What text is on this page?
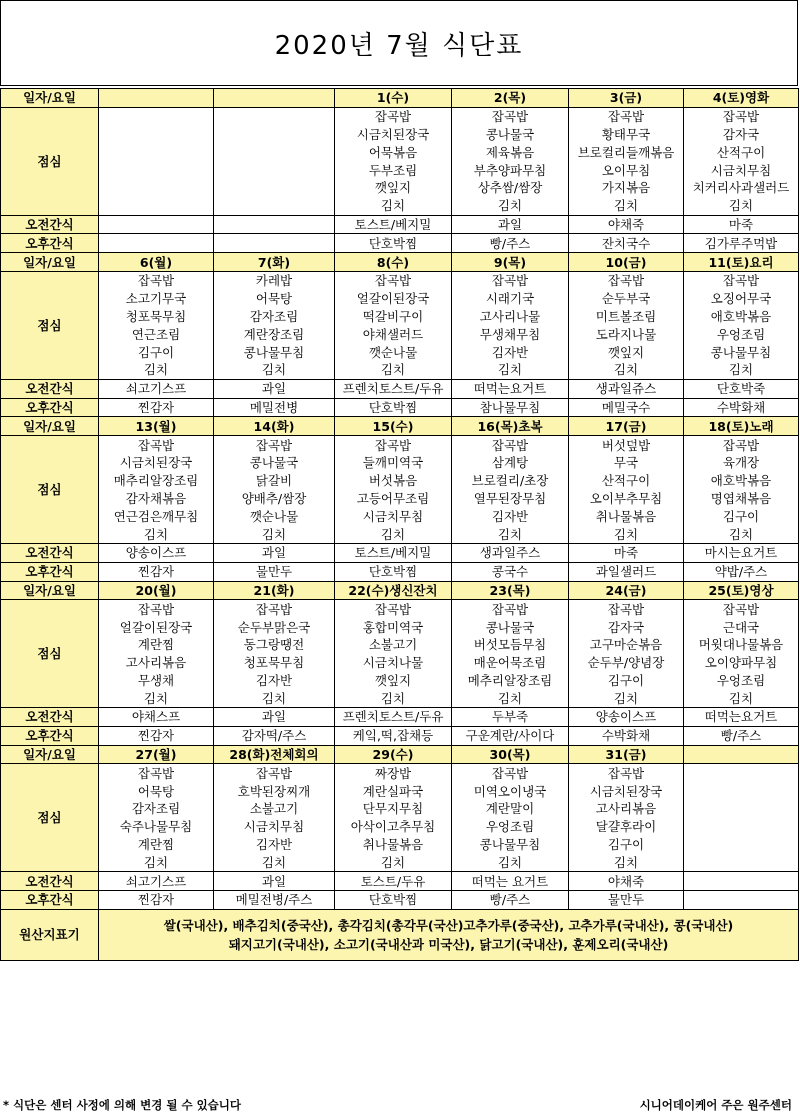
2020년 7월 식단표
일자/요일			1(수)	2(목)	3(금)	4(토)영화
점심			잡곡밥	잡곡밥	잡곡밥	잡곡밥
			시금치된장국	콩나물국	황태무국	감자국
			어묵볶음	제육볶음	브로컬리들깨볶음	산적구이
			두부조림	부추양파무침	오이무침	시금치무침
			깻잎지	상추쌈/쌈장	가지볶음	치커리사과샐러드
			김치	김치	김치	김치
오전간식			토스트/베지밀	과일	야채죽	마죽
오후간식			단호박찜	빵/주스	잔치국수	김가루주먹밥
일자/요일	6(월)	7(화)	8(수)	9(목)	10(금)	11(토)요리
점심	잡곡밥	카레밥	잡곡밥	잡곡밥	잡곡밥	잡곡밥
	소고기무국	어묵탕	얼갈이된장국	시래기국	순두부국	오징어무국
	청포묵무침	감자조림	떡갈비구이	고사리나물	미트볼조림	애호박볶음
	연근조림	계란장조림	야채샐러드	무생채무침	도라지나물	우엉조림
	김구이	콩나물무침	깻순나물	김자반	깻잎지	콩나물무침
	김치	김치	김치	김치	김치	김치
오전간식	쇠고기스프	과일	프렌치토스트/두유	떠먹는요거트	생과일쥬스	단호박죽
오후간식	찐감자	메밀전병	단호박찜	참나물무침	메밀국수	수박화채
일자/요일	13(월)	14(화)	15(수)	16(목)초복	17(금)	18(토)노래
점심	잡곡밥	잡곡밥	잡곡밥	잡곡밥	버섯덮밥	잡곡밥
	시금치된장국	콩나물국	들깨미역국	삼계탕	무국	육개장
	매추리알장조림	닭갈비	버섯볶음	브로컬리/초장	산적구이	애호박볶음
	감자채볶음	양배추/쌈장	고등어무조림	열무된장무침	오이부추무침	명엽채볶음
	연근검은깨무침	깻순나물	시금치무침	김자반	취나물볶음	김구이
	김치	김치	김치	김치	김치	김치
오전간식	양송이스프	과일	토스트/베지밀	생과일주스	마죽	마시는요거트
오후간식	찐감자	물만두	단호박찜	콩국수	과일샐러드	약밥/주스
일자/요일	20(월)	21(화)	22(수)생신잔치	23(목)	24(금)	25(토)영상
점심	잡곡밥	잡곡밥	잡곡밥	잡곡밥	잡곡밥	잡곡밥
	얼갈이된장국	순두부맑은국	홍합미역국	콩나물국	감자국	근대국
	계란찜	동그랑땡전	소불고기	버섯모듬무침	고구마순볶음	머윗대나물볶음
	고사리볶음	청포묵무침	시금치나물	매운어묵조림	순두부/양념장	오이양파무침
	무생채	김자반	깻잎지	메추리알장조림	김구이	우엉조림
	김치	김치	김치	김치	김치	김치
오전간식	야채스프	과일	프렌치토스트/두유	두부죽	양송이스프	떠먹는요거트
오후간식	찐감자	감자떡/주스	케잌,떡,잡채등	구운계란/사이다	수박화채	빵/주스
일자/요일	27(월)	28(화)전체회의	29(수)	30(목)	31(금)	
점심	잡곡밥	잡곡밥	짜장밥	잡곡밥	잡곡밥	
	어묵탕	호박된장찌개	계란실파국	미역오이냉국	시금치된장국	
	감자조림	소불고기	단무지무침	계란말이	고사리볶음	
	숙주나물무침	시금치무침	아삭이고추무침	우엉조림	달걀후라이	
	계란찜	김자반	취나물볶음	콩나물무침	김구이	
	김치	김치	김치	김치	김치	
오전간식	쇠고기스프	과일	토스트/두유	떠먹는 요거트	야채죽	
오후간식	찐감자	메밀전병/주스	단호박찜	빵/주스	물만두	
원산지표기	쌀(국내산), 배추김치(중국산), 총각김치(총각무(국산)고추가루(중국산), 고추가루(국내산), 콩(국내산)
돼지고기(국내산), 소고기(국내산과 미국산), 닭고기(국내산), 훈제오리(국내산)					
* 식단은 센터 사정에 의해 변경 될 수 있습니다	시니어데이케어 주은 원주센터
